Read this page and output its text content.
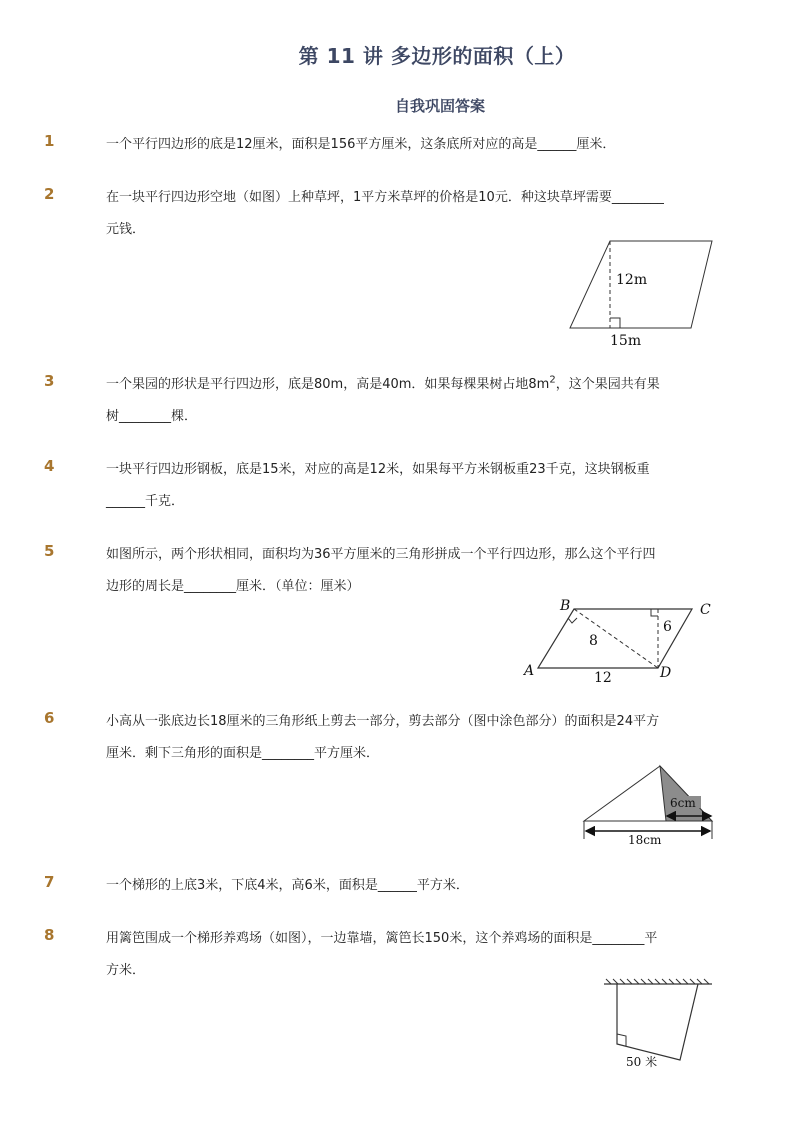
第 11 讲 多边形的面积（上）
自我巩固答案
1	一个平行四边形的底是12厘米，面积是156平方厘米，这条底所对应的高是______厘米．
2	在一块平行四边形空地（如图）上种草坪，1平方米草坪的价格是10元．种这块草坪需要________
元钱．
12m
15m
3	一个果园的形状是平行四边形，底是80m，高是40m．如果每棵果树占地$8m^2$，这个果园共有果
树________棵．
4	一块平行四边形钢板，底是15米，对应的高是12米，如果每平方米钢板重23千克，这块钢板重
______千克．
5	如图所示，两个形状相同，面积均为36平方厘米的三角形拼成一个平行四边形，那么这个平行四
边形的周长是________厘米．（单位：厘米）
B	C
A	D
8
6
12
6	小高从一张底边长18厘米的三角形纸上剪去一部分，剪去部分（图中涂色部分）的面积是24平方
厘米．剩下三角形的面积是________平方厘米．
6cm
18cm
7	一个梯形的上底3米，下底4米，高6米，面积是______平方米．
8	用篱笆围成一个梯形养鸡场（如图），一边靠墙，篱笆长150米，这个养鸡场的面积是________平
方米．
50 米
